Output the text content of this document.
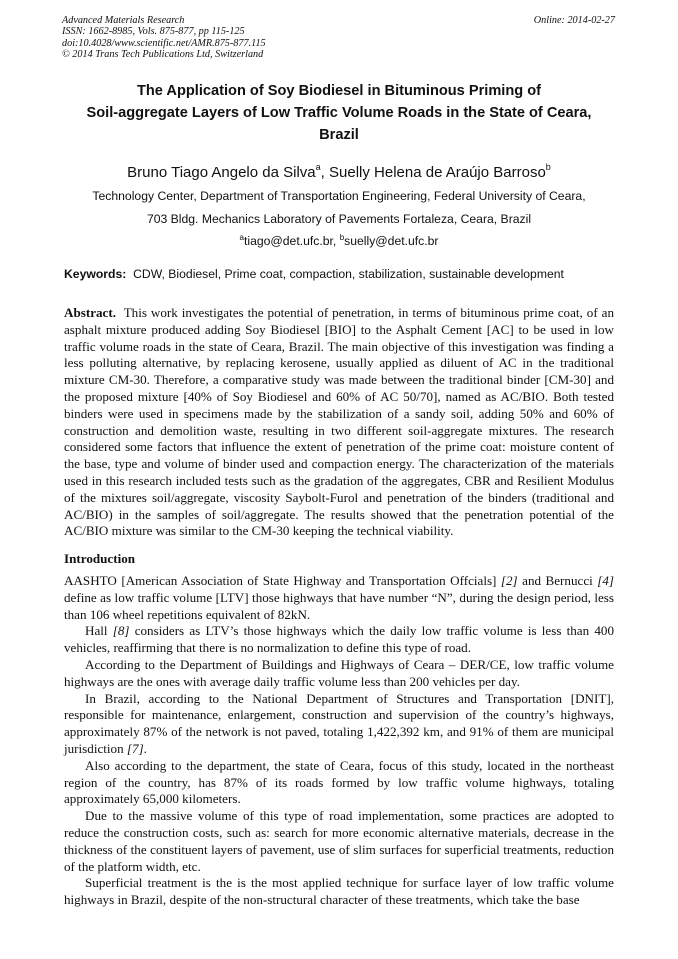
Advanced Materials Research
ISSN: 1662-8985, Vols. 875-877, pp 115-125
doi:10.4028/www.scientific.net/AMR.875-877.115
© 2014 Trans Tech Publications Ltd, Switzerland
Online: 2014-02-27
The Application of Soy Biodiesel in Bituminous Priming of
Soil-aggregate Layers of Low Traffic Volume Roads in the State of Ceara,
Brazil
Bruno Tiago Angelo da Silva$^a$, Suelly Helena de Araújo Barroso$^b$
Technology Center, Department of Transportation Engineering, Federal University of Ceara,
703 Bldg. Mechanics Laboratory of Pavements Fortaleza, Ceara, Brazil
$^a$tiago@det.ufc.br, $^b$suelly@det.ufc.br
Keywords: CDW, Biodiesel, Prime coat, compaction, stabilization, sustainable development

Abstract. This work investigates the potential of penetration, in terms of bituminous prime coat, of an asphalt mixture produced adding Soy Biodiesel [BIO] to the Asphalt Cement [AC] to be used in low traffic volume roads in the state of Ceara, Brazil. The main objective of this investigation was finding a less polluting alternative, by replacing kerosene, usually applied as diluent of AC in the traditional mixture CM-30. Therefore, a comparative study was made between the traditional binder [CM-30] and the proposed mixture [40% of Soy Biodiesel and 60% of AC 50/70], named as AC/BIO. Both tested binders were used in specimens made by the stabilization of a sandy soil, adding 50% and 60% of construction and demolition waste, resulting in two different soil-aggregate mixtures. The research considered some factors that influence the extent of penetration of the prime coat: moisture content of the base, type and volume of binder used and compaction energy. The characterization of the materials used in this research included tests such as the gradation of the aggregates, CBR and Resilient Modulus of the mixtures soil/aggregate, viscosity Saybolt-Furol and penetration of the binders (traditional and AC/BIO) in the samples of soil/aggregate. The results showed that the penetration potential of the AC/BIO mixture was similar to the CM-30 keeping the technical viability.

Introduction

AASHTO [American Association of State Highway and Transportation Offcials] [2] and Bernucci [4] define as low traffic volume [LTV] those highways that have number “N”, during the design period, less than 106 wheel repetitions equivalent of 82kN.

Hall [8] considers as LTV’s those highways which the daily low traffic volume is less than 400 vehicles, reaffirming that there is no normalization to define this type of road.

According to the Department of Buildings and Highways of Ceara – DER/CE, low traffic volume highways are the ones with average daily traffic volume less than 200 vehicles per day.

In Brazil, according to the National Department of Structures and Transportation [DNIT], responsible for maintenance, enlargement, construction and supervision of the country’s highways, approximately 87% of the network is not paved, totaling 1,422,392 km, and 91% of them are municipal jurisdiction [7].

Also according to the department, the state of Ceara, focus of this study, located in the northeast region of the country, has 87% of its roads formed by low traffic volume highways, totaling approximately 65,000 kilometers.

Due to the massive volume of this type of road implementation, some practices are adopted to reduce the construction costs, such as: search for more economic alternative materials, decrease in the thickness of the constituent layers of pavement, use of slim surfaces for superficial treatments, reduction of the platform width, etc.

Superficial treatment is the is the most applied technique for surface layer of low traffic volume highways in Brazil, despite of the non-structural character of these treatments, which take the base
